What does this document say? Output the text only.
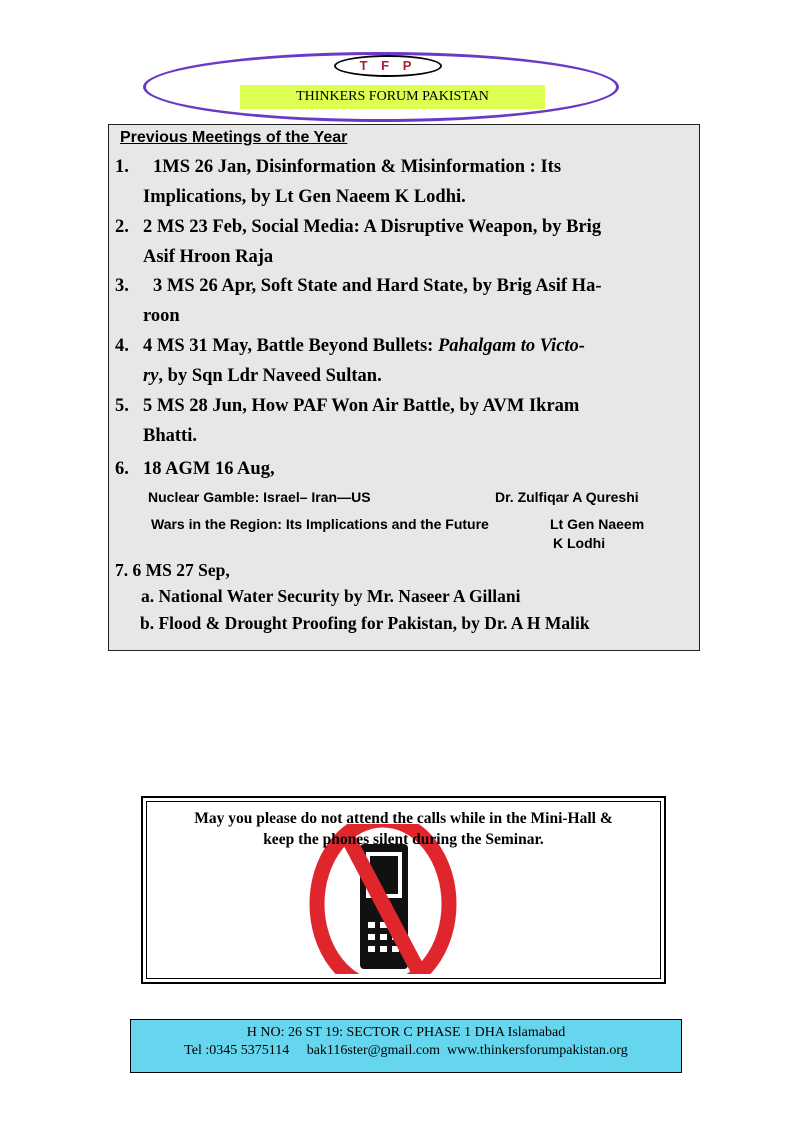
T F P
THINKERS FORUM PAKISTAN
Previous Meetings of the Year
1. 1MS 26 Jan, Disinformation & Misinformation : Its
Implications, by Lt Gen Naeem K Lodhi.
2. 2 MS 23 Feb, Social Media: A Disruptive Weapon, by Brig
Asif Hroon Raja
3. 3 MS 26 Apr, Soft State and Hard State, by Brig Asif Ha-
roon
4. 4 MS 31 May, Battle Beyond Bullets: Pahalgam to Victo-
ry, by Sqn Ldr Naveed Sultan.
5. 5 MS 28 Jun, How PAF Won Air Battle, by AVM Ikram
Bhatti.
6. 18 AGM 16 Aug,
Nuclear Gamble: Israel– Iran—US	Dr. Zulfiqar A Qureshi
Wars in the Region: Its Implications and the Future	Lt Gen Naeem
K Lodhi
7. 6 MS 27 Sep,
a. National Water Security by Mr. Naseer A Gillani
b. Flood & Drought Proofing for Pakistan, by Dr. A H Malik
May you please do not attend the calls while in the Mini-Hall &
keep the phones silent during the Seminar.
H NO: 26 ST 19: SECTOR C PHASE 1 DHA Islamabad
Tel :0345 5375114     bak116ster@gmail.com  www.thinkersforumpakistan.org
